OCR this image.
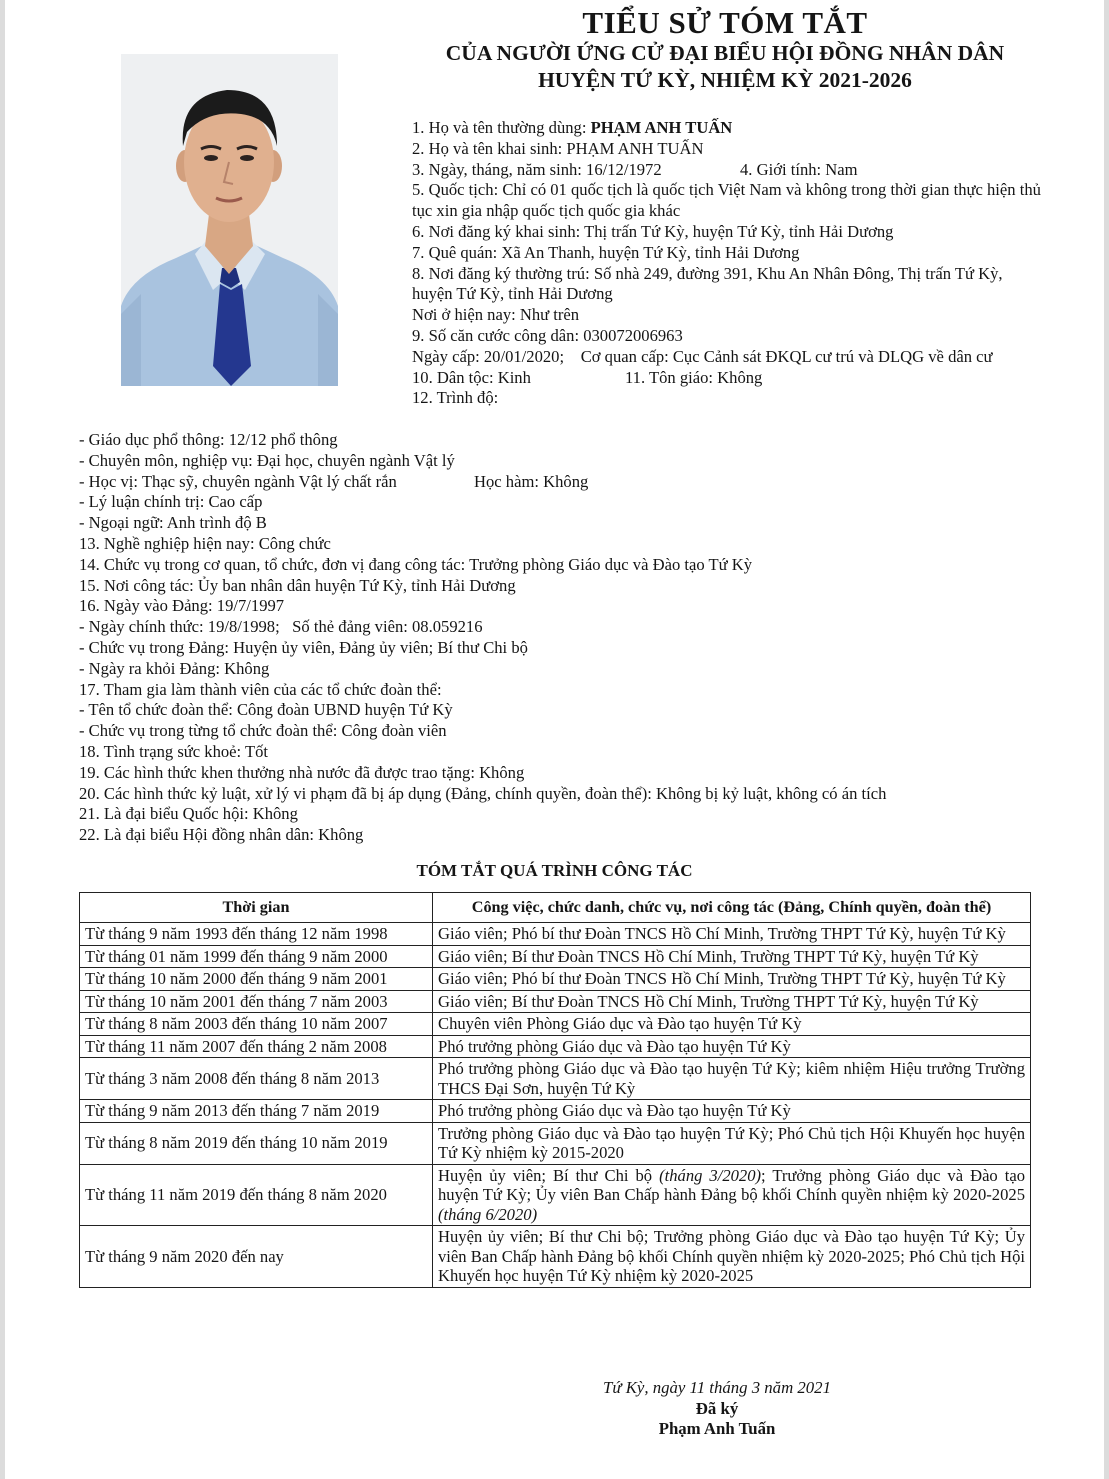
TIỂU SỬ TÓM TẮT
CỦA NGƯỜI ỨNG CỬ ĐẠI BIỂU HỘI ĐỒNG NHÂN DÂN
HUYỆN TỨ KỲ, NHIỆM KỲ 2021-2026
1. Họ và tên thường dùng: PHẠM ANH TUẤN
2. Họ và tên khai sinh: PHẠM ANH TUẤN
3. Ngày, tháng, năm sinh: 16/12/1972	4. Giới tính: Nam
5. Quốc tịch: Chỉ có 01 quốc tịch là quốc tịch Việt Nam và không trong thời gian thực hiện thủ tục xin gia nhập quốc tịch quốc gia khác
6. Nơi đăng ký khai sinh: Thị trấn Tứ Kỳ, huyện Tứ Kỳ, tỉnh Hải Dương
7. Quê quán: Xã An Thanh, huyện Tứ Kỳ, tỉnh Hải Dương
8. Nơi đăng ký thường trú: Số nhà 249, đường 391, Khu An Nhân Đông, Thị trấn Tứ Kỳ, huyện Tứ Kỳ, tỉnh Hải Dương
Nơi ở hiện nay: Như trên
9. Số căn cước công dân: 030072006963
Ngày cấp: 20/01/2020; Cơ quan cấp: Cục Cảnh sát ĐKQL cư trú và DLQG về dân cư
10. Dân tộc: Kinh	11. Tôn giáo: Không
12. Trình độ:
- Giáo dục phổ thông: 12/12 phổ thông
- Chuyên môn, nghiệp vụ: Đại học, chuyên ngành Vật lý
- Học vị: Thạc sỹ, chuyên ngành Vật lý chất rắn	Học hàm: Không
- Lý luận chính trị: Cao cấp
- Ngoại ngữ: Anh trình độ B
13. Nghề nghiệp hiện nay: Công chức
14. Chức vụ trong cơ quan, tổ chức, đơn vị đang công tác: Trưởng phòng Giáo dục và Đào tạo Tứ Kỳ
15. Nơi công tác: Ủy ban nhân dân huyện Tứ Kỳ, tỉnh Hải Dương
16. Ngày vào Đảng: 19/7/1997
- Ngày chính thức: 19/8/1998; Số thẻ đảng viên: 08.059216
- Chức vụ trong Đảng: Huyện ủy viên, Đảng ủy viên; Bí thư Chi bộ
- Ngày ra khỏi Đảng: Không
17. Tham gia làm thành viên của các tổ chức đoàn thể:
- Tên tổ chức đoàn thể: Công đoàn UBND huyện Tứ Kỳ
- Chức vụ trong từng tổ chức đoàn thể: Công đoàn viên
18. Tình trạng sức khoẻ: Tốt
19. Các hình thức khen thưởng nhà nước đã được trao tặng: Không
20. Các hình thức kỷ luật, xử lý vi phạm đã bị áp dụng (Đảng, chính quyền, đoàn thể): Không bị kỷ luật, không có án tích
21. Là đại biểu Quốc hội: Không
22. Là đại biểu Hội đồng nhân dân: Không
TÓM TẮT QUÁ TRÌNH CÔNG TÁC
Thời gian	Công việc, chức danh, chức vụ, nơi công tác (Đảng, Chính quyền, đoàn thể)
Từ tháng 9 năm 1993 đến tháng 12 năm 1998	Giáo viên; Phó bí thư Đoàn TNCS Hồ Chí Minh, Trường THPT Tứ Kỳ, huyện Tứ Kỳ
Từ tháng 01 năm 1999 đến tháng 9 năm 2000	Giáo viên; Bí thư Đoàn TNCS Hồ Chí Minh, Trường THPT Tứ Kỳ, huyện Tứ Kỳ
Từ tháng 10 năm 2000 đến tháng 9 năm 2001	Giáo viên; Phó bí thư Đoàn TNCS Hồ Chí Minh, Trường THPT Tứ Kỳ, huyện Tứ Kỳ
Từ tháng 10 năm 2001 đến tháng 7 năm 2003	Giáo viên; Bí thư Đoàn TNCS Hồ Chí Minh, Trường THPT Tứ Kỳ, huyện Tứ Kỳ
Từ tháng 8 năm 2003 đến tháng 10 năm 2007	Chuyên viên Phòng Giáo dục và Đào tạo huyện Tứ Kỳ
Từ tháng 11 năm 2007 đến tháng 2 năm 2008	Phó trưởng phòng Giáo dục và Đào tạo huyện Tứ Kỳ
Từ tháng 3 năm 2008 đến tháng 8 năm 2013	Phó trưởng phòng Giáo dục và Đào tạo huyện Tứ Kỳ; kiêm nhiệm Hiệu trưởng Trường THCS Đại Sơn, huyện Tứ Kỳ
Từ tháng 9 năm 2013 đến tháng 7 năm 2019	Phó trưởng phòng Giáo dục và Đào tạo huyện Tứ Kỳ
Từ tháng 8 năm 2019 đến tháng 10 năm 2019	Trưởng phòng Giáo dục và Đào tạo huyện Tứ Kỳ; Phó Chủ tịch Hội Khuyến học huyện Tứ Kỳ nhiệm kỳ 2015-2020
Từ tháng 11 năm 2019 đến tháng 8 năm 2020	Huyện ủy viên; Bí thư Chi bộ (tháng 3/2020); Trưởng phòng Giáo dục và Đào tạo huyện Tứ Kỳ; Ủy viên Ban Chấp hành Đảng bộ khối Chính quyền nhiệm kỳ 2020-2025 (tháng 6/2020)
Từ tháng 9 năm 2020 đến nay	Huyện ủy viên; Bí thư Chi bộ; Trưởng phòng Giáo dục và Đào tạo huyện Tứ Kỳ; Ủy viên Ban Chấp hành Đảng bộ khối Chính quyền nhiệm kỳ 2020-2025; Phó Chủ tịch Hội Khuyến học huyện Tứ Kỳ nhiệm kỳ 2020-2025
Tứ Kỳ, ngày 11 tháng 3 năm 2021
Đã ký
Phạm Anh Tuấn
